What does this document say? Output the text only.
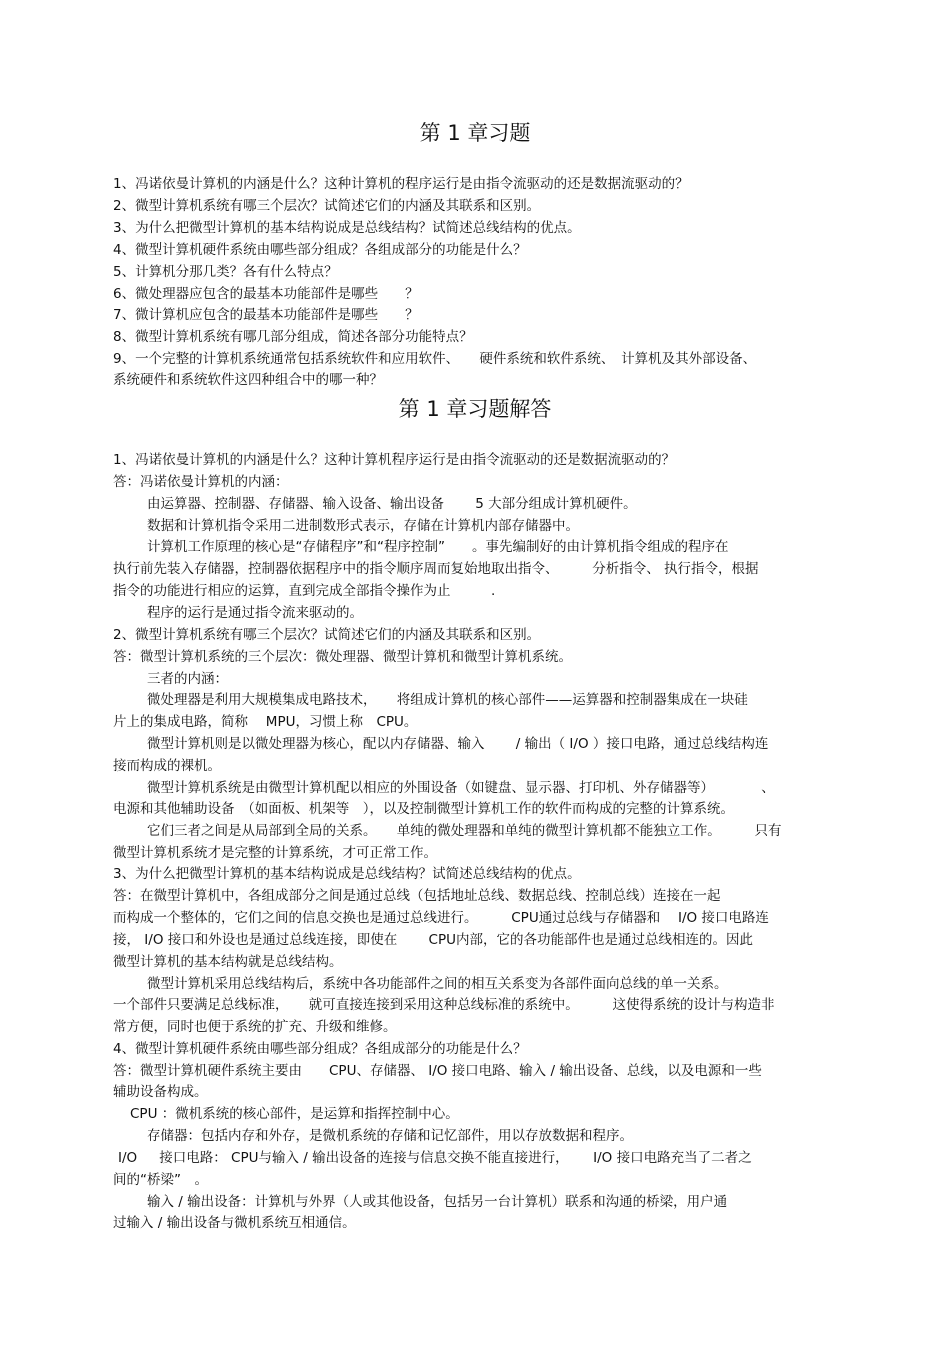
第 1 章习题

1、冯诺依曼计算机的内涵是什么？这种计算机的程序运行是由指令流驱动的还是数据流驱动的？

2、微型计算机系统有哪三个层次？试简述它们的内涵及其联系和区别。

3、为什么把微型计算机的基本结构说成是总线结构？试简述总线结构的优点。

4、微型计算机硬件系统由哪些部分组成？各组成部分的功能是什么？

5、计算机分那几类？各有什么特点？

6、微处理器应包含的最基本功能部件是哪些　　？

7、微计算机应包含的最基本功能部件是哪些　　？

8、微型计算机系统有哪几部分组成，简述各部分功能特点？

9、一个完整的计算机系统通常包括系统软件和应用软件、　　硬件系统和软件系统、　计算机及其外部设备、

系统硬件和系统软件这四种组合中的哪一种？

第 1 章习题解答

1、冯诺依曼计算机的内涵是什么？这种计算机程序运行是由指令流驱动的还是数据流驱动的？

答：冯诺依曼计算机的内涵：

由运算器、控制器、存储器、输入设备、输出设备　　 5 大部分组成计算机硬件。

数据和计算机指令采用二进制数形式表示，存储在计算机内部存储器中。

计算机工作原理的核心是“存储程序”和“程序控制”　　。事先编制好的由计算机指令组成的程序在

执行前先装入存储器，控制器依据程序中的指令顺序周而复始地取出指令、　　　分析指令、 执行指令，根据

指令的功能进行相应的运算，直到完成全部指令操作为止　　　.

程序的运行是通过指令流来驱动的。

2、微型计算机系统有哪三个层次？试简述它们的内涵及其联系和区别。

答：微型计算机系统的三个层次：微处理器、微型计算机和微型计算机系统。

三者的内涵：

微处理器是利用大规模集成电路技术，　　将组成计算机的核心部件——运算器和控制器集成在一块硅

片上的集成电路，简称　 MPU，习惯上称　CPU。

微型计算机则是以微处理器为核心，配以内存储器、输入　　 / 输出（ I/O ）接口电路，通过总线结构连

接而构成的裸机。

微型计算机系统是由微型计算机配以相应的外围设备（如键盘、显示器、打印机、外存储器等）　　　　、

电源和其他辅助设备　（如面板、机架等　），以及控制微型计算机工作的软件而构成的完整的计算系统。

它们三者之间是从局部到全局的关系。　　单纯的微处理器和单纯的微型计算机都不能独立工作。　　　只有

微型计算机系统才是完整的计算系统，才可正常工作。

3、为什么把微型计算机的基本结构说成是总线结构？试简述总线结构的优点。

答：在微型计算机中，各组成部分之间是通过总线（包括地址总线、数据总线、控制总线）连接在一起

而构成一个整体的，它们之间的信息交换也是通过总线进行。　　　CPU通过总线与存储器和　 I/O 接口电路连

接， I/O 接口和外设也是通过总线连接，即使在　　 CPU内部，它的各功能部件也是通过总线相连的。因此

微型计算机的基本结构就是总线结构。

微型计算机采用总线结构后，系统中各功能部件之间的相互关系变为各部件面向总线的单一关系。

一个部件只要满足总线标准，　　就可直接连接到采用这种总线标准的系统中。　　　这使得系统的设计与构造非

常方便，同时也便于系统的扩充、升级和维修。

4、微型计算机硬件系统由哪些部分组成？各组成部分的功能是什么？

答：微型计算机硬件系统主要由　　CPU、存储器、 I/O 接口电路、输入 / 输出设备、总线，以及电源和一些

辅助设备构成。

CPU ：微机系统的核心部件，是运算和指挥控制中心。

存储器：包括内存和外存，是微机系统的存储和记忆部件，用以存放数据和程序。

I/O 　 接口电路： CPU与输入 / 输出设备的连接与信息交换不能直接进行，　　 I/O 接口电路充当了二者之

间的“桥梁”　。

输入 / 输出设备：计算机与外界（人或其他设备，包括另一台计算机）联系和沟通的桥梁，用户通

过输入 / 输出设备与微机系统互相通信。
